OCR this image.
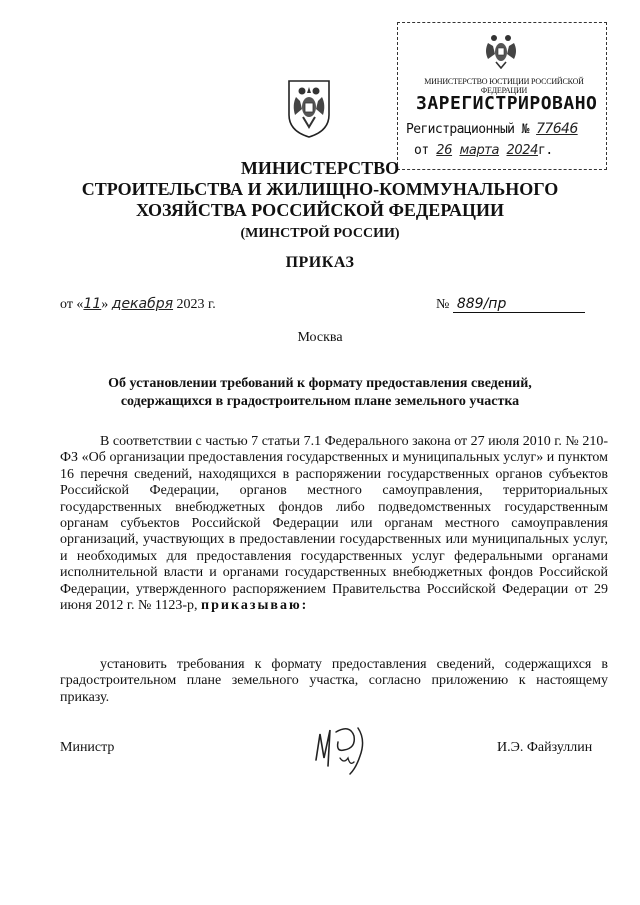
МИНИСТЕРСТВО ЮСТИЦИИ РОССИЙСКОЙ ФЕДЕРАЦИИ
ЗАРЕГИСТРИРОВАНО
Регистрационный № 77646
от 26 марта 2024г.
МИНИСТЕРСТВО
СТРОИТЕЛЬСТВА И ЖИЛИЩНО-КОММУНАЛЬНОГО
ХОЗЯЙСТВА РОССИЙСКОЙ ФЕДЕРАЦИИ
(МИНСТРОЙ РОССИИ)
ПРИКАЗ
от «11» декабря 2023 г.	№ 889/пр
Москва
Об установлении требований к формату предоставления сведений,
содержащихся в градостроительном плане земельного участка
В соответствии с частью 7 статьи 7.1 Федерального закона от 27 июля 2010 г. № 210-ФЗ «Об организации предоставления государственных и муниципальных услуг» и пунктом 16 перечня сведений, находящихся в распоряжении государственных органов субъектов Российской Федерации, органов местного самоуправления, территориальных государственных внебюджетных фондов либо подведомственных государственным органам субъектов Российской Федерации или органам местного самоуправления организаций, участвующих в предоставлении государственных или муниципальных услуг, и необходимых для предоставления государственных услуг федеральными органами исполнительной власти и органами государственных внебюджетных фондов Российской Федерации, утвержденного распоряжением Правительства Российской Федерации от 29 июня 2012 г. № 1123-р, приказываю:
установить требования к формату предоставления сведений, содержащихся в градостроительном плане земельного участка, согласно приложению к настоящему приказу.
Министр	И.Э. Файзуллин
